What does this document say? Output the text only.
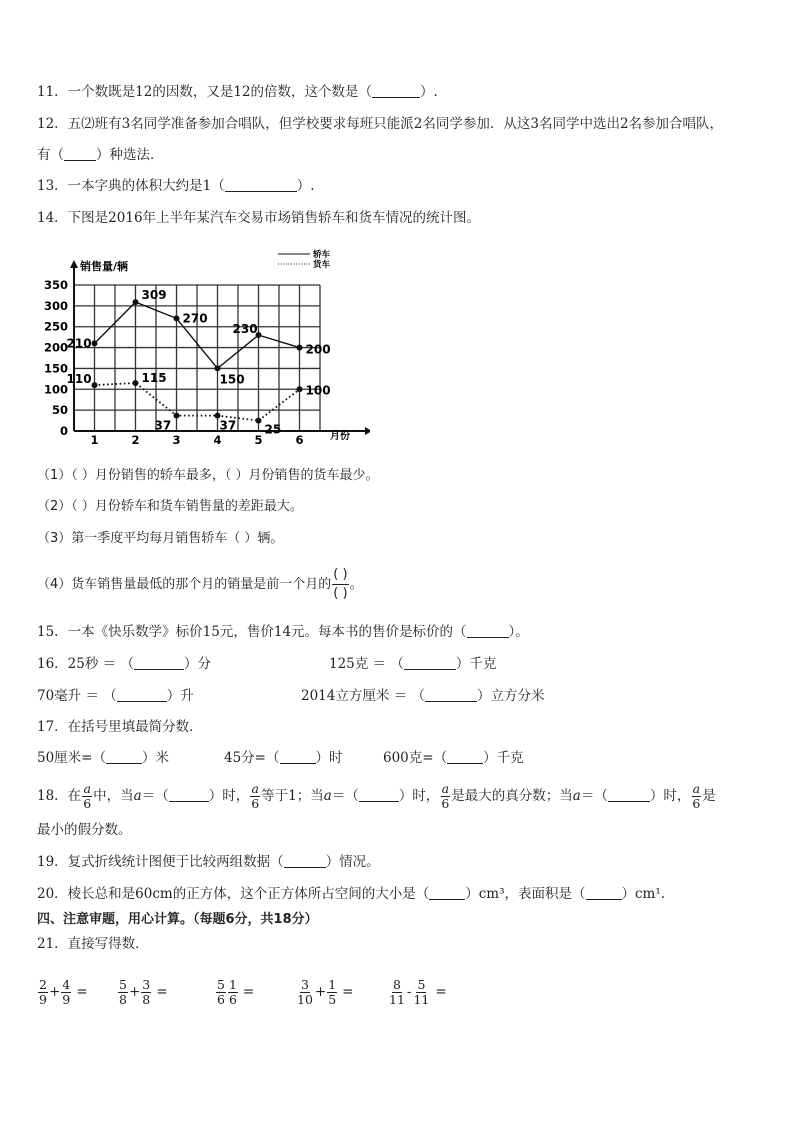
11．一个数既是12的因数，又是12的倍数，这个数是（	）.
12．五⑵班有3名同学准备参加合唱队，但学校要求每班只能派2名同学参加．从这3名同学中选出2名参加合唱队，
有（ ）种选法．
13．一本字典的体积大约是1（	）.
14．下图是2016年上半年某汽车交易市场销售轿车和货车情况的统计图。
0
50
100
150
200
250
300
350
1	2	3	4	5	6
210
309
270
150
230
200
110	115
37	37 25
100
轿车
货车
销售量/辆
月份
（1）（ ）月份销售的轿车最多，（ ）月份销售的货车最少。
（2）（ ）月份轿车和货车销售量的差距最大。
（3）第一季度平均每月销售轿车（ ）辆。
（4）货车销售量最低的那个月的销量是前一个月的 $\frac{( )}{( )}$ 。
15．一本《快乐数学》标价15元，售价14元。每本书的售价是标价的（	）。
16．25秒 ＝ （	）分	125克 ＝ （	）千克
70毫升 ＝ （	）升	2014立方厘米 ＝ （	）立方分米
17．在括号里填最简分数．
50厘米=（	）米	45分=（	）时	600克=（	）千克
18．在 $\frac{a}{6}$ 中，当a＝（	）时， $\frac{a}{6}$ 等于1；当a＝（	）时， $\frac{a}{6}$ 是最大的真分数；当a＝（	）时， $\frac{a}{6}$ 是
最小的假分数。
19．复式折线统计图便于比较两组数据（	）情况。
20．棱长总和是60cm的正方体，这个正方体所占空间的大小是（	）cm³，表面积是（	）cm¹.
四、注意审题，用心计算。（每题6分，共18分）
21．直接写得数．
$\frac{2}{9} + \frac{4}{9} = \frac{5}{8} + \frac{3}{8}$ =	$\frac{5}{6} \frac{1}{6}$ =	$\frac{3}{10} + \frac{1}{5}$ =	$\frac{8}{11} - \frac{5}{11}$ =
